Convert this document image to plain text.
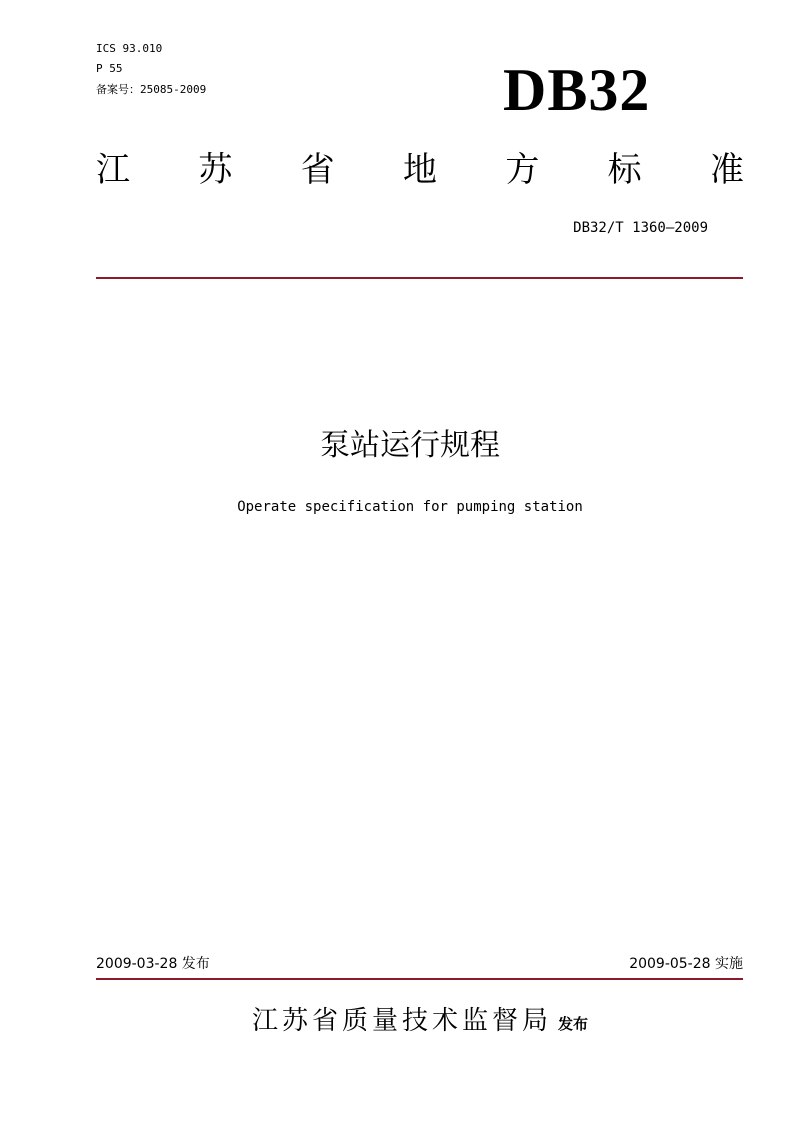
ICS 93.010
P 55
备案号：25085-2009	DB32
江 苏 省 地 方 标 准
DB32/T 1360—2009
泵站运行规程
Operate specification for pumping station
2009-03-28 发布	2009-05-28 实施
江苏省质量技术监督局 发布
